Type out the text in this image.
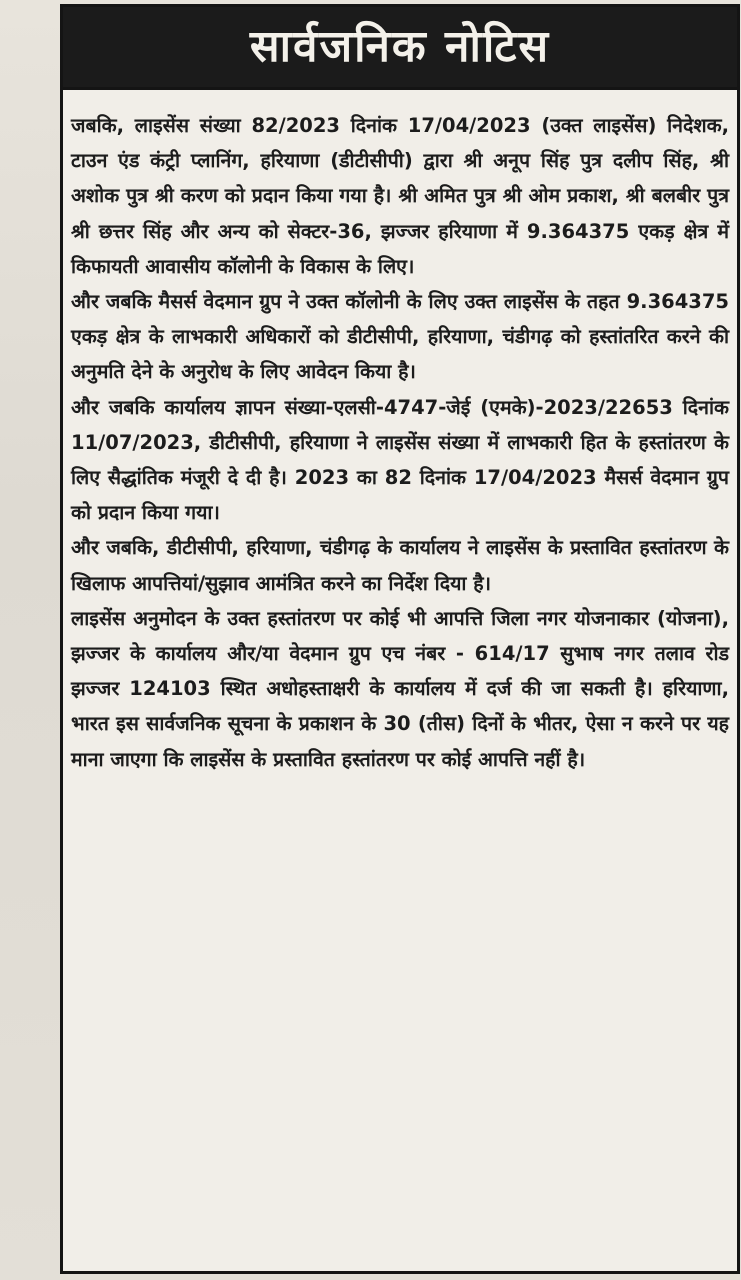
सार्वजनिक नोटिस

जबकि, लाइसेंस संख्या 82/2023 दिनांक 17/04/2023 (उक्त लाइसेंस) निदेशक, टाउन एंड कंट्री प्लानिंग, हरियाणा (डीटीसीपी) द्वारा श्री अनूप सिंह पुत्र दलीप सिंह, श्री अशोक पुत्र श्री करण को प्रदान किया गया है। श्री अमित पुत्र श्री ओम प्रकाश, श्री बलबीर पुत्र श्री छत्तर सिंह और अन्य को सेक्टर-36, झज्जर हरियाणा में 9.364375 एकड़ क्षेत्र में किफायती आवासीय कॉलोनी के विकास के लिए।

और जबकि मैसर्स वेदमान ग्रुप ने उक्त कॉलोनी के लिए उक्त लाइसेंस के तहत 9.364375 एकड़ क्षेत्र के लाभकारी अधिकारों को डीटीसीपी, हरियाणा, चंडीगढ़ को हस्तांतरित करने की अनुमति देने के अनुरोध के लिए आवेदन किया है।

और जबकि कार्यालय ज्ञापन संख्या-एलसी-4747-जेई (एमके)-2023/22653 दिनांक 11/07/2023, डीटीसीपी, हरियाणा ने लाइसेंस संख्या में लाभकारी हित के हस्तांतरण के लिए सैद्धांतिक मंजूरी दे दी है। 2023 का 82 दिनांक 17/04/2023 मैसर्स वेदमान ग्रुप को प्रदान किया गया।

और जबकि, डीटीसीपी, हरियाणा, चंडीगढ़ के कार्यालय ने लाइसेंस के प्रस्तावित हस्तांतरण के खिलाफ आपत्तियां/सुझाव आमंत्रित करने का निर्देश दिया है।

लाइसेंस अनुमोदन के उक्त हस्तांतरण पर कोई भी आपत्ति जिला नगर योजनाकार (योजना), झज्जर के कार्यालय और/या वेदमान ग्रुप एच नंबर - 614/17 सुभाष नगर तलाव रोड झज्जर 124103 स्थित अधोहस्ताक्षरी के कार्यालय में दर्ज की जा सकती है। हरियाणा, भारत इस सार्वजनिक सूचना के प्रकाशन के 30 (तीस) दिनों के भीतर, ऐसा न करने पर यह माना जाएगा कि लाइसेंस के प्रस्तावित हस्तांतरण पर कोई आपत्ति नहीं है।
